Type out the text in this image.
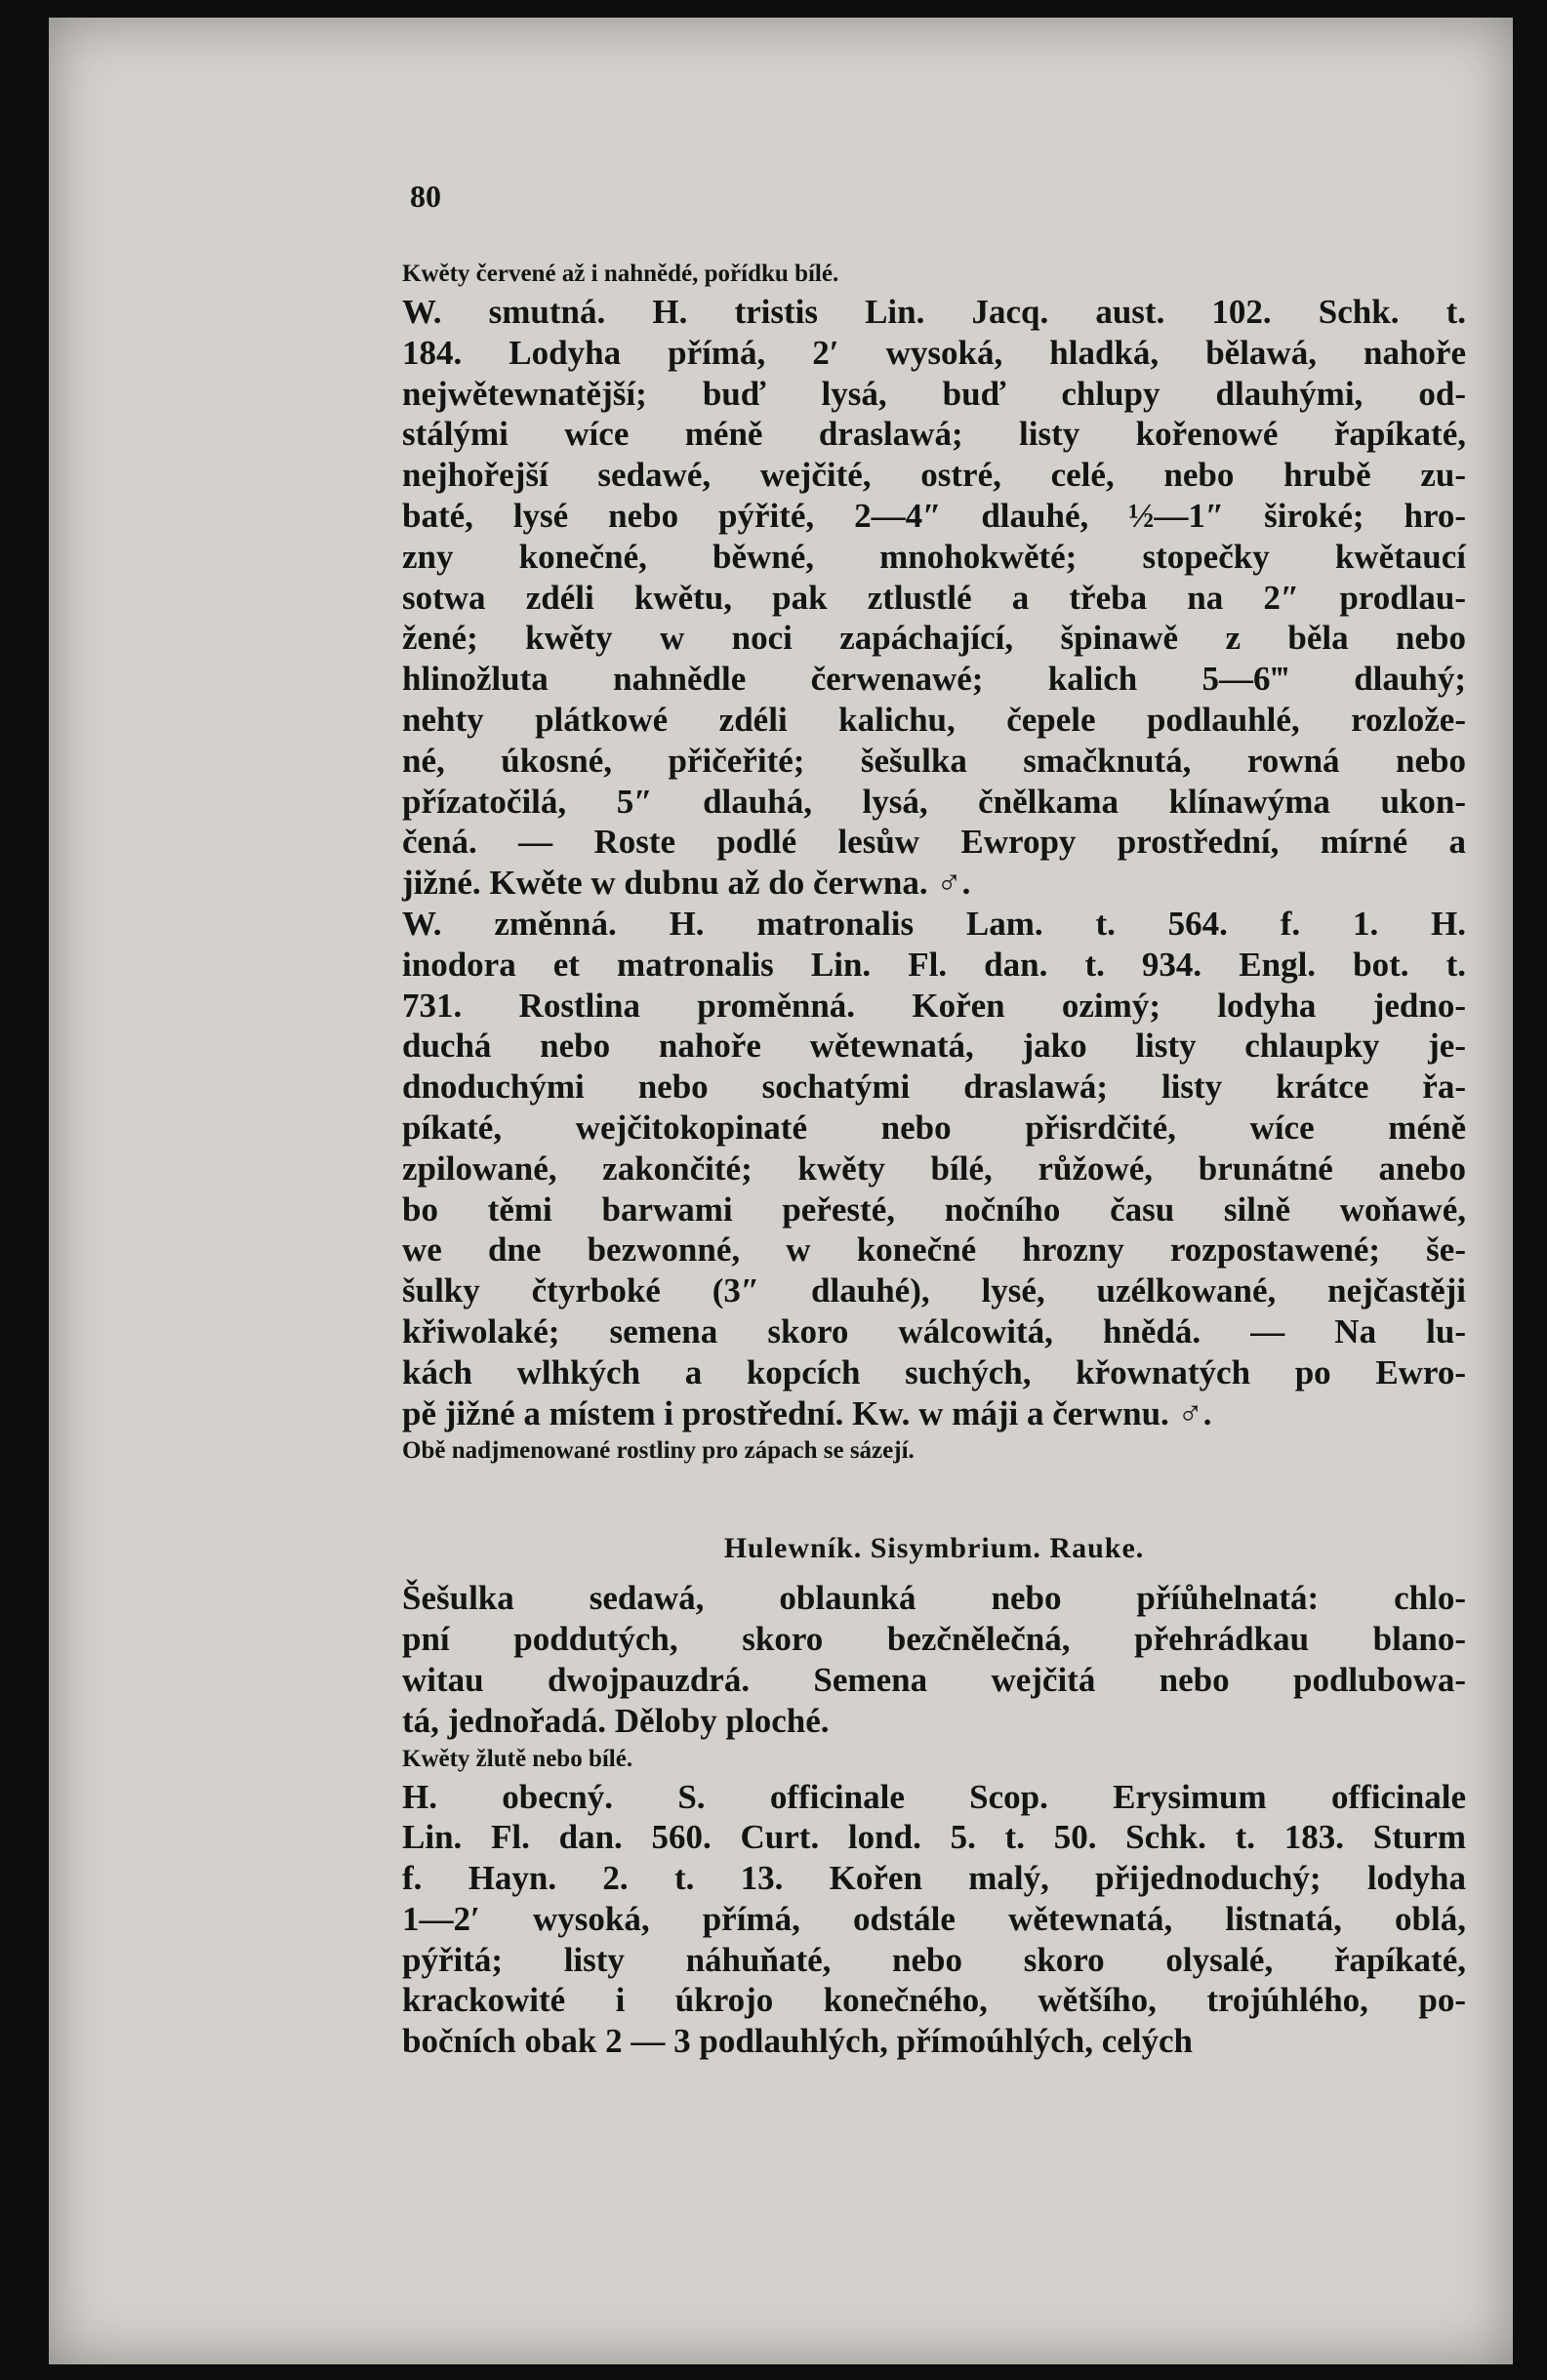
80
Kwěty červené až i nahnědé, pořídku bílé.
W. smutná. H. tristis Lin. Jacq. aust. 102. Schk. t.
184. Lodyha přímá, 2′ wysoká, hladká, bělawá, nahoře
nejwětewnatější; buď lysá, buď chlupy dlauhými, od-
stálými wíce méně draslawá; listy kořenowé řapíkaté,
nejhořejší sedawé, wejčité, ostré, celé, nebo hrubě zu-
baté, lysé nebo pýřité, 2—4″ dlauhé, ½—1″ široké; hro-
zny konečné, běwné, mnohokwěté; stopečky kwětaucí
sotwa zdéli kwětu, pak ztlustlé a třeba na 2″ prodlau-
žené; kwěty w noci zapáchající, špinawě z běla nebo
hlinožluta nahnědle čerwenawé; kalich 5—6‴ dlauhý;
nehty plátkowé zdéli kalichu, čepele podlauhlé, rozlože-
né, úkosné, přičeřité; šešulka smačknutá, rowná nebo
přízatočilá, 5″ dlauhá, lysá, čnělkama klínawýma ukon-
čená. — Roste podlé lesůw Ewropy prostřední, mírné a
jižné. Kwěte w dubnu až do čerwna. ♂.
W. změnná. H. matronalis Lam. t. 564. f. 1. H.
inodora et matronalis Lin. Fl. dan. t. 934. Engl. bot. t.
731. Rostlina proměnná. Kořen ozimý; lodyha jedno-
duchá nebo nahoře wětewnatá, jako listy chlaupky je-
dnoduchými nebo sochatými draslawá; listy krátce řa-
píkaté, wejčitokopinaté nebo přisrdčité, wíce méně
zpilowané, zakončité; kwěty bílé, růžowé, brunátné anebo
bo těmi barwami peřesté, nočního času silně woňawé,
we dne bezwonné, w konečné hrozny rozpostawené; še-
šulky čtyrboké (3″ dlauhé), lysé, uzélkowané, nejčastěji
křiwolaké; semena skoro wálcowitá, hnědá. — Na lu-
kách wlhkých a kopcích suchých, křownatých po Ewro-
pě jižné a místem i prostřední. Kw. w máji a čerwnu. ♂.
Obě nadjmenowané rostliny pro zápach se sázejí.
Hulewník. Sisymbrium. Rauke.
Šešulka sedawá, oblaunká nebo příůhelnatá: chlo-
pní poddutých, skoro bezčnělečná, přehrádkau blano-
witau dwojpauzdrá. Semena wejčitá nebo podlubowa-
tá, jednořadá. Děloby ploché.
Kwěty žlutě nebo bílé.
H. obecný. S. officinale Scop. Erysimum officinale
Lin. Fl. dan. 560. Curt. lond. 5. t. 50. Schk. t. 183. Sturm
f. Hayn. 2. t. 13. Kořen malý, přijednoduchý; lodyha
1—2′ wysoká, přímá, odstále wětewnatá, listnatá, oblá,
pýřitá; listy náhuňaté, nebo skoro olysalé, řapíkaté,
krackowité i úkrojo konečného, wětšího, trojúhlého, po-
bočních obak 2 — 3 podlauhlých, přímoúhlých, celých
